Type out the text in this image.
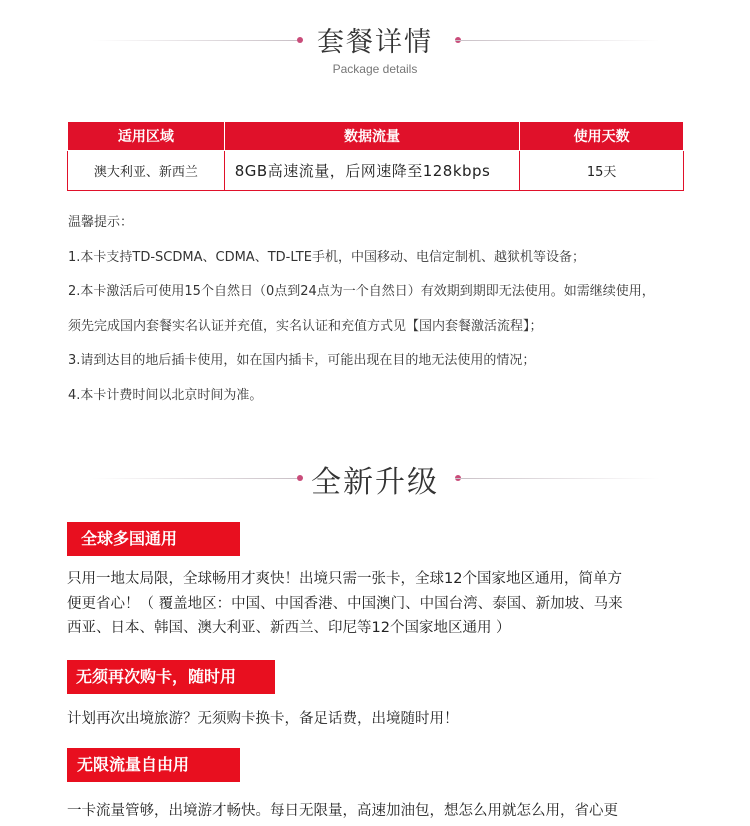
套餐详情
Package details
适用区域	数据流量	使用天数
澳大利亚、新西兰	8GB高速流量，后网速降至128kbps	15天
温馨提示：
1.本卡支持TD-SCDMA、CDMA、TD-LTE手机，中国移动、电信定制机、越狱机等设备；
2.本卡激活后可使用15个自然日（0点到24点为一个自然日）有效期到期即无法使用。如需继续使用，
须先完成国内套餐实名认证并充值，实名认证和充值方式见【国内套餐激活流程】；
3.请到达目的地后插卡使用，如在国内插卡，可能出现在目的地无法使用的情况；
4.本卡计费时间以北京时间为准。
全新升级
全球多国通用
只用一地太局限，全球畅用才爽快！出境只需一张卡，全球12个国家地区通用，简单方
便更省心！（ 覆盖地区：中国、中国香港、中国澳门、中国台湾、泰国、新加坡、马来
西亚、日本、韩国、澳大利亚、新西兰、印尼等12个国家地区通用 ）
无须再次购卡，随时用
计划再次出境旅游？无须购卡换卡，备足话费，出境随时用！
无限流量自由用
一卡流量管够，出境游才畅快。每日无限量，高速加油包，想怎么用就怎么用，省心更
